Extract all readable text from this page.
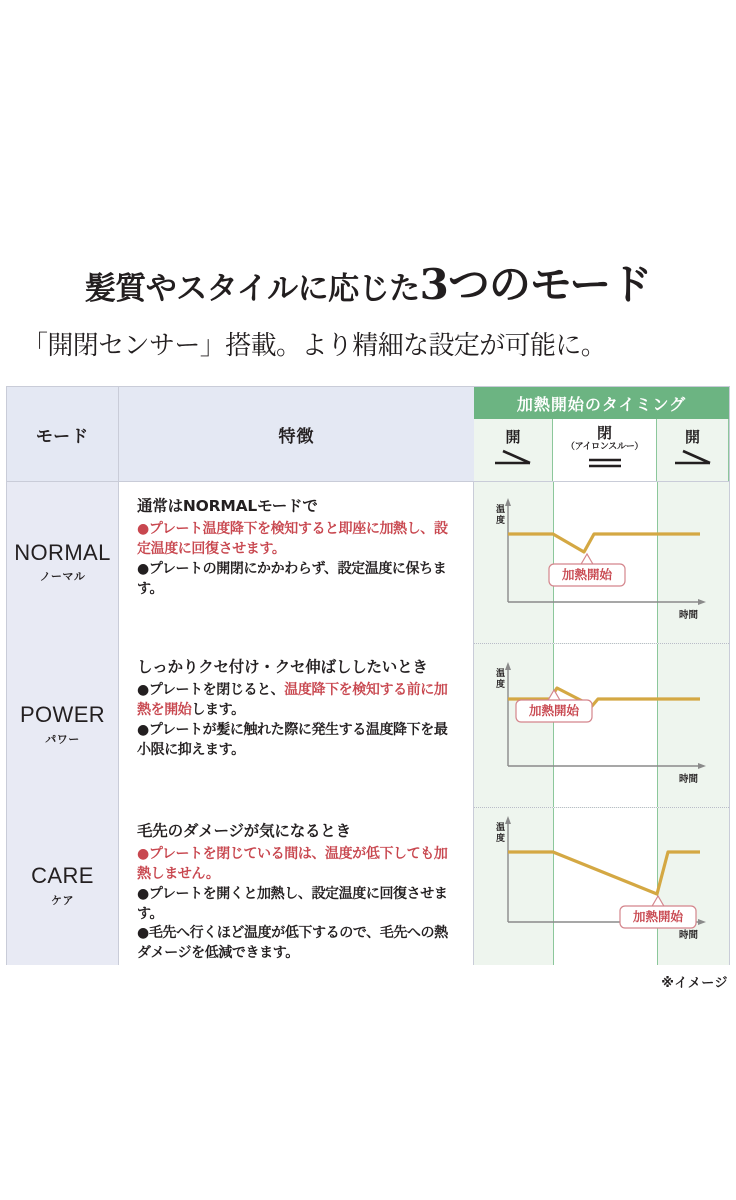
髪質やスタイルに応じた3つのモード
「開閉センサー」搭載。より精細な設定が可能に。
モード	特徴
加熱開始のタイミング
開	閉
（アイロンスルー）
開
NORMAL
ノーマル
通常はNORMALモードで
●プレート温度降下を検知すると即座に加熱し、設定温度に回復させます。
●プレートの開閉にかかわらず、設定温度に保ちます。
温
度
時間
加熱開始
POWER
パワー
しっかりクセ付け・クセ伸ばししたいとき
●プレートを閉じると、温度降下を検知する前に加熱を開始します。
●プレートが髪に触れた際に発生する温度降下を最小限に抑えます。
温
度
時間
加熱開始
CARE
ケア
毛先のダメージが気になるとき
●プレートを閉じている間は、温度が低下しても加熱しません。
●プレートを開くと加熱し、設定温度に回復させます。
●毛先へ行くほど温度が低下するので、毛先への熱ダメージを低減できます。
温
度
時間
加熱開始
※イメージ
